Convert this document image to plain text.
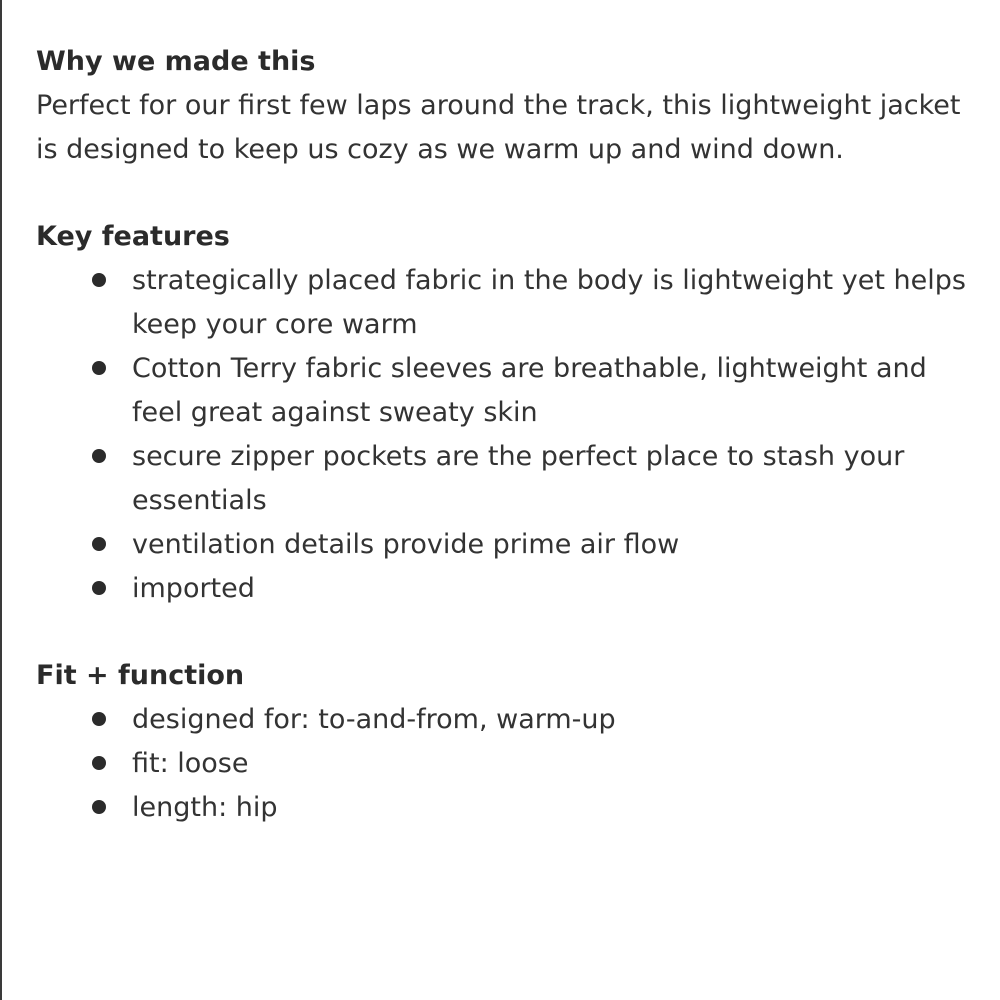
Why we made this

Perfect for our first few laps around the track, this lightweight jacket is designed to keep us cozy as we warm up and wind down.

Key features

strategically placed fabric in the body is lightweight yet helps keep your core warm
Cotton Terry fabric sleeves are breathable, lightweight and feel great against sweaty skin
secure zipper pockets are the perfect place to stash your essentials
ventilation details provide prime air flow
imported

Fit + function

designed for: to-and-from, warm-up
fit: loose
length: hip
